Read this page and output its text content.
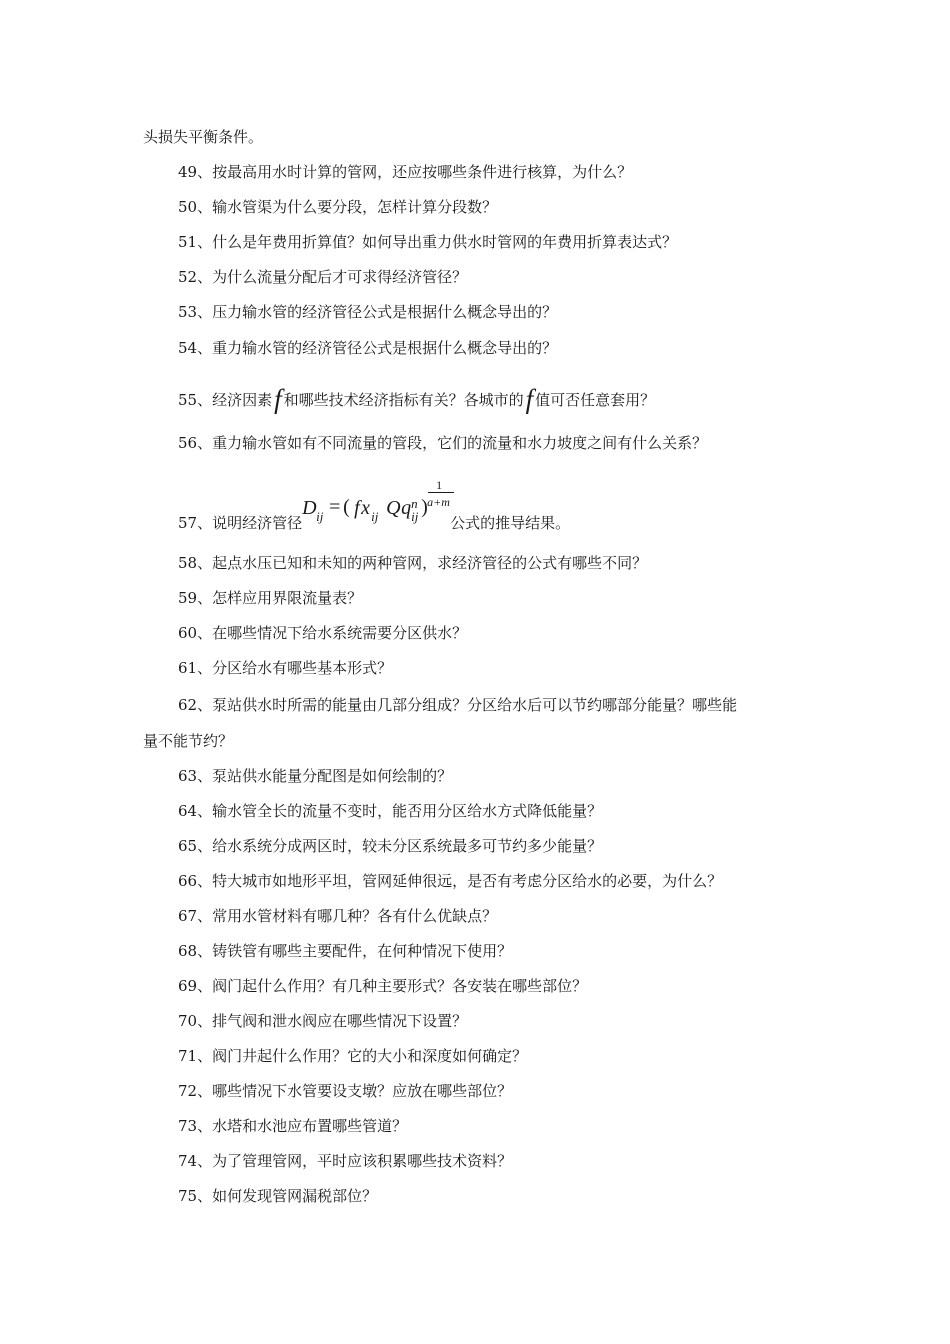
头损失平衡条件。
49、按最高用水时计算的管网，还应按哪些条件进行核算，为什么？
50、输水管渠为什么要分段，怎样计算分段数？
51、什么是年费用折算值？如何导出重力供水时管网的年费用折算表达式？
52、为什么流量分配后才可求得经济管径？
53、压力输水管的经济管径公式是根据什么概念导出的？
54、重力输水管的经济管径公式是根据什么概念导出的？
55、经济因素f 和哪些技术经济指标有关？各城市的f 值可否任意套用？
56、重力输水管如有不同流量的管段，它们的流量和水力坡度之间有什么关系？
57、说明经济管径
D ij = ( f x ij Q q n
ij )
1
a+m
公式的推导结果。
58、起点水压已知和未知的两种管网，求经济管径的公式有哪些不同？
59、怎样应用界限流量表？
60、在哪些情况下给水系统需要分区供水？
61、分区给水有哪些基本形式？
62、泵站供水时所需的能量由几部分组成？分区给水后可以节约哪部分能量？哪些能
量不能节约？
63、泵站供水能量分配图是如何绘制的？
64、输水管全长的流量不变时，能否用分区给水方式降低能量？
65、给水系统分成两区时，较未分区系统最多可节约多少能量？
66、特大城市如地形平坦，管网延伸很远，是否有考虑分区给水的必要，为什么？
67、常用水管材料有哪几种？各有什么优缺点？
68、铸铁管有哪些主要配件，在何种情况下使用？
69、阀门起什么作用？有几种主要形式？各安装在哪些部位？
70、排气阀和泄水阀应在哪些情况下设置？
71、阀门井起什么作用？它的大小和深度如何确定？
72、哪些情况下水管要设支墩？应放在哪些部位？
73、水塔和水池应布置哪些管道？
74、为了管理管网，平时应该积累哪些技术资料？
75、如何发现管网漏税部位？
